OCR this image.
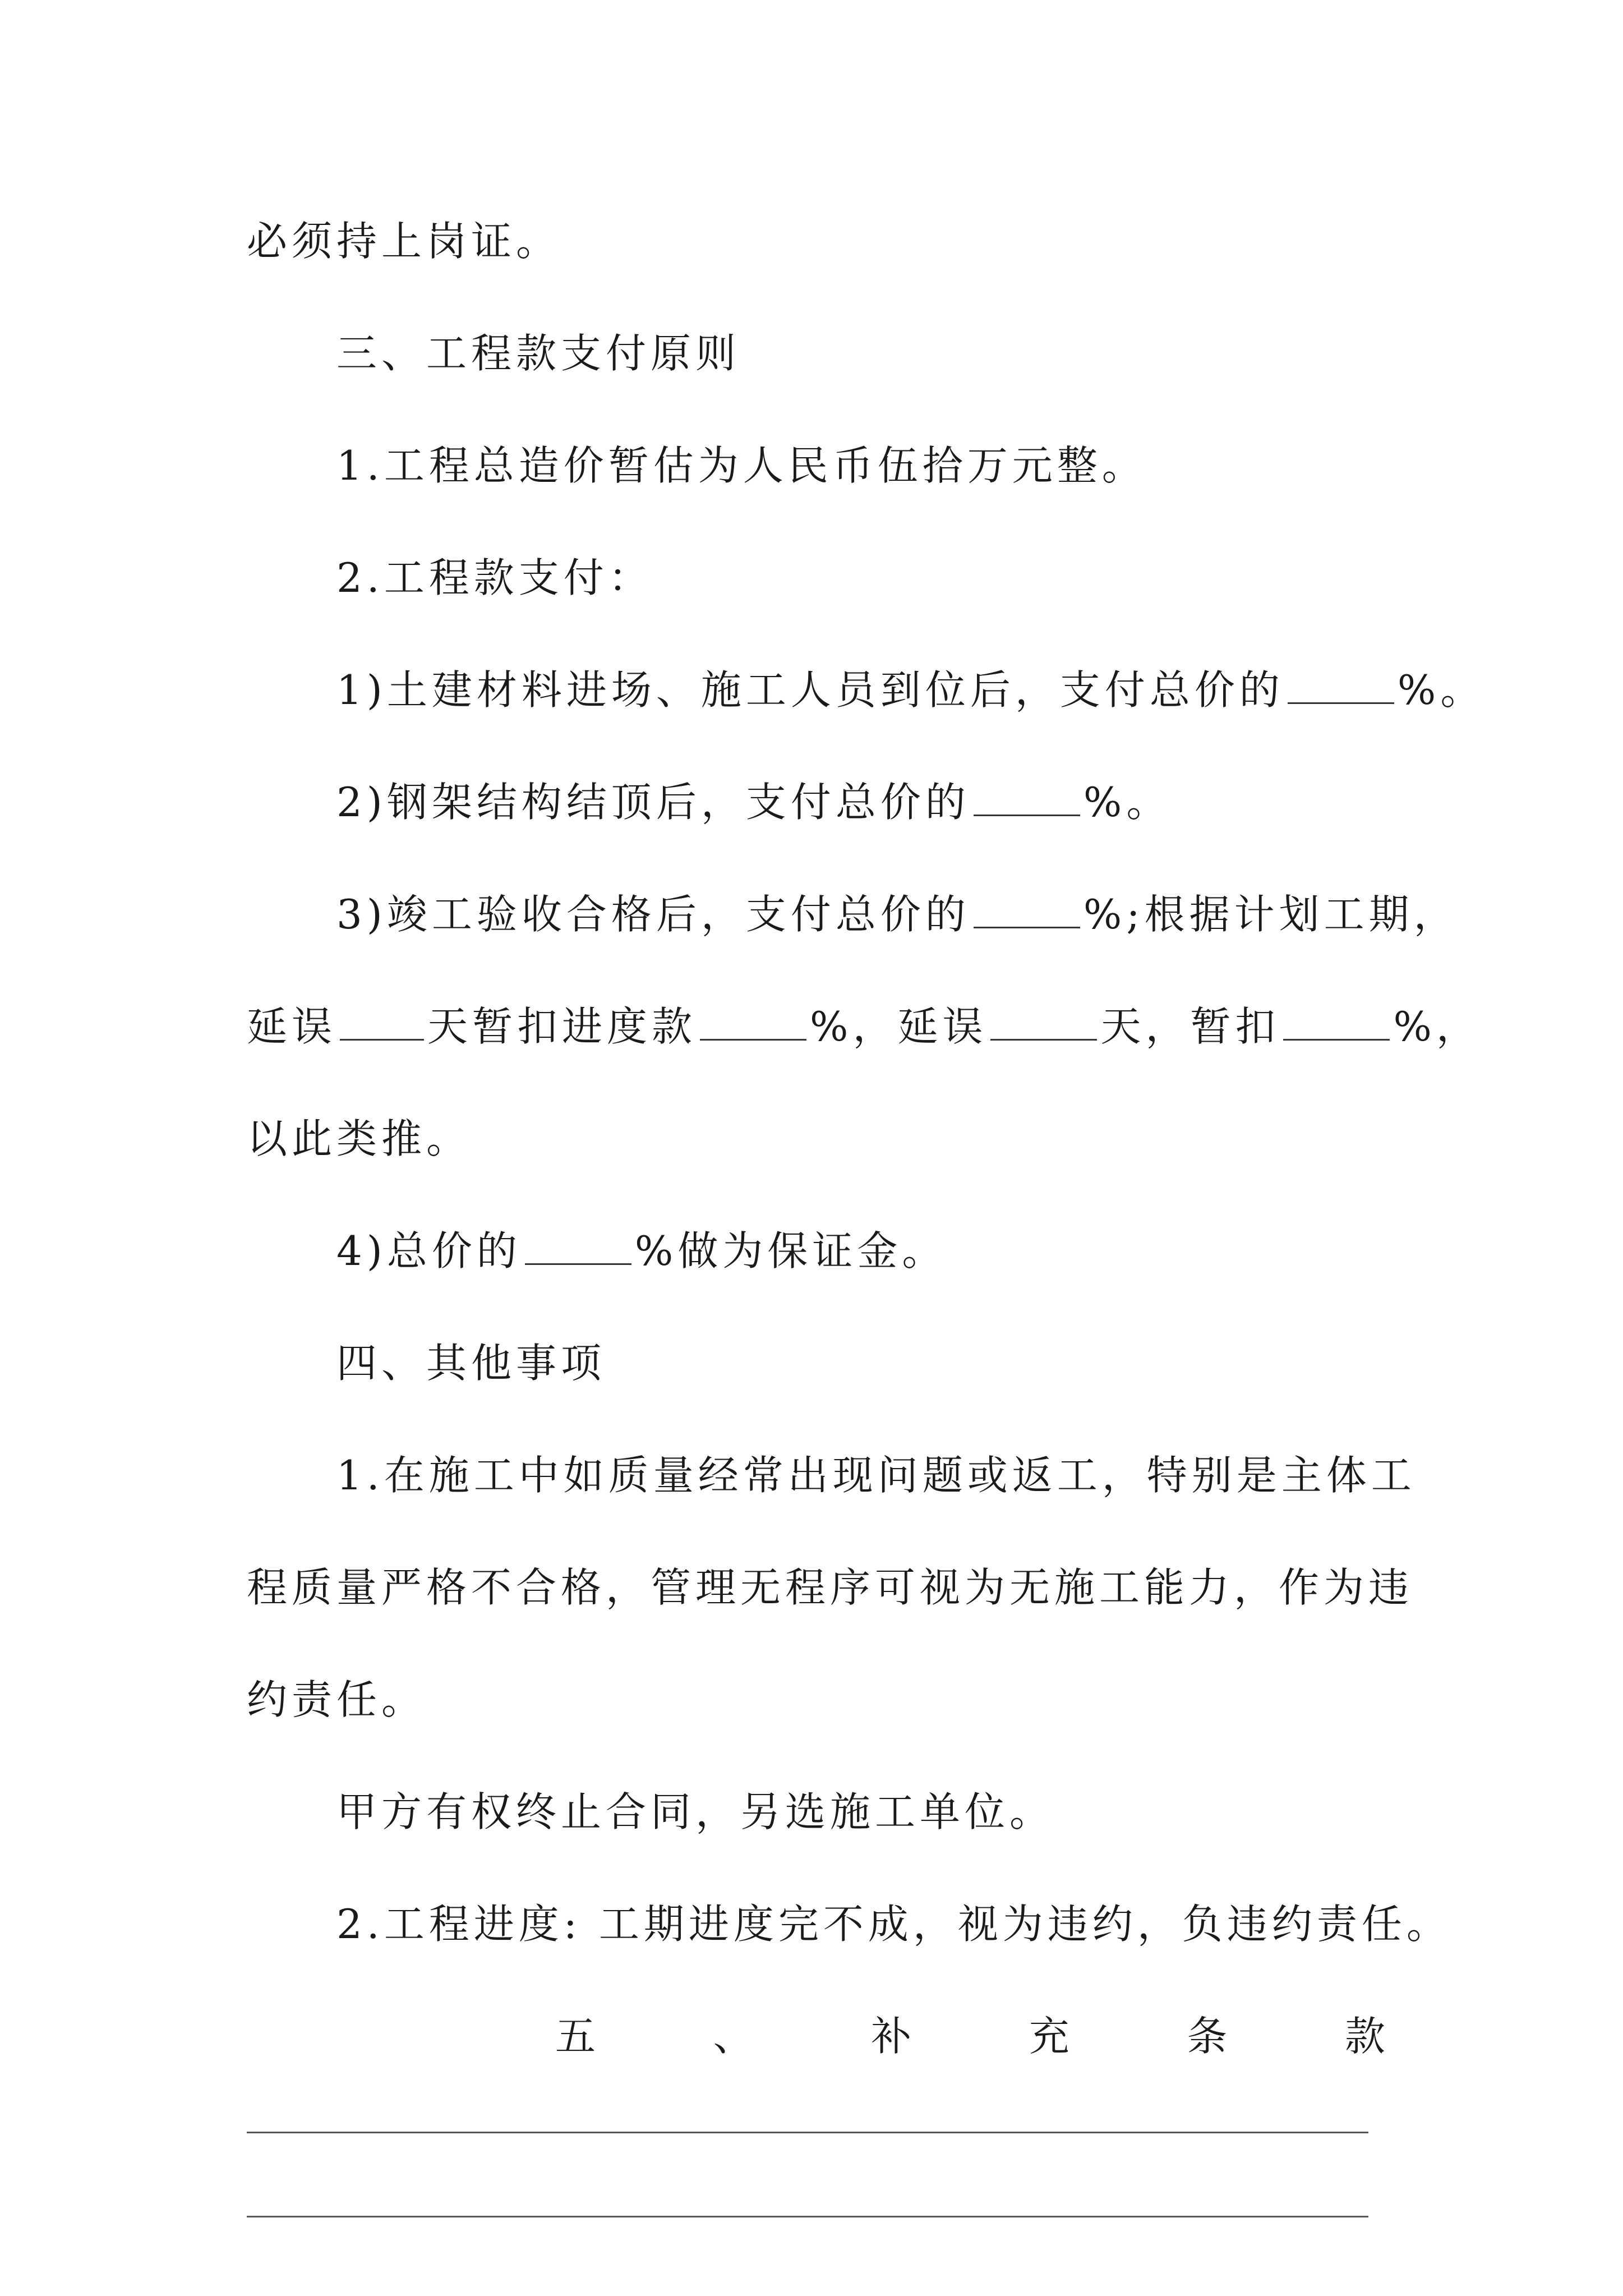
必须持上岗证。
三、工程款支付原则
1.工程总造价暂估为人民币伍拾万元整。
2.工程款支付：
1)土建材料进场、施工人员到位后，支付总价的	%。
2)钢架结构结顶后，支付总价的	%。
3)竣工验收合格后，支付总价的	%;根据计划工期，
延误 天暂扣进度款	%，延误	天，暂扣	%，
以此类推。
4)总价的	%做为保证金。
四、其他事项
1.在施工中如质量经常出现问题或返工，特别是主体工
程质量严格不合格，管理无程序可视为无施工能力，作为违
约责任。
甲方有权终止合同，另选施工单位。
2.工程进度: 工期进度完不成，视为违约，负违约责任。
五	、	补	充	条	款
